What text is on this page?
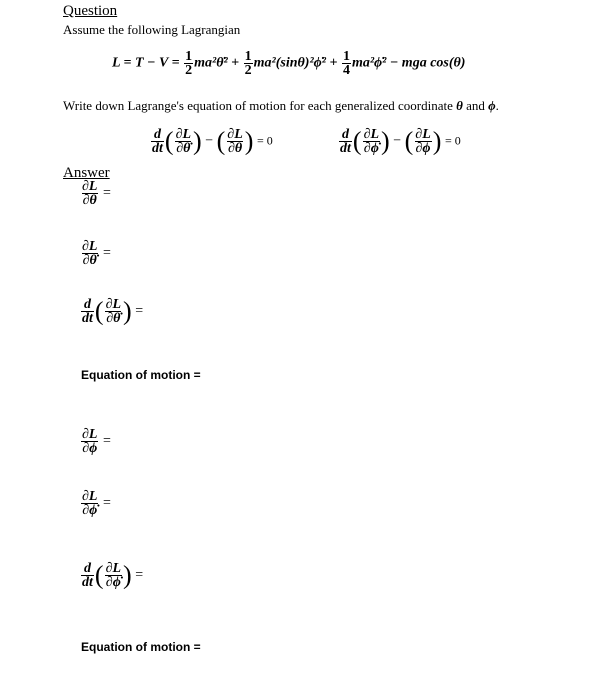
Question
Assume the following Lagrangian
$L = T - V = \frac{1}{2}$ ma²θ̇² + $\frac{1}{2}$ ma²(sinθ)²ϕ̇² + $\frac{1}{4}$ ma²ϕ̇² − mga cos(θ)
Write down Lagrange's equation of motion for each generalized coordinate θ and ϕ.
$\frac{d}{dt}$ ( $\frac{\partial L}{\partial\thetȧ}$ ) − ( $\frac{\partial L}{\partial\theta}$ ) = 0	$\frac{d}{dt}$ ( $\frac{\partial L}{\partial\phi̇}$ ) − ( $\frac{\partial L}{\partial\phi}$ ) = 0
Answer
$\frac{\partial L}{\partial\theta}$ =
$\frac{\partial L}{\partial\thetȧ}$ =
$\frac{d}{dt}$ ( $\frac{\partial L}{\partial\thetȧ}$ ) =
Equation of motion =
$\frac{\partial L}{\partial\phi}$ =
$\frac{\partial L}{\partial\phi̇}$ =
$\frac{d}{dt}$ ( $\frac{\partial L}{\partial\phi̇}$ ) =
Equation of motion =
